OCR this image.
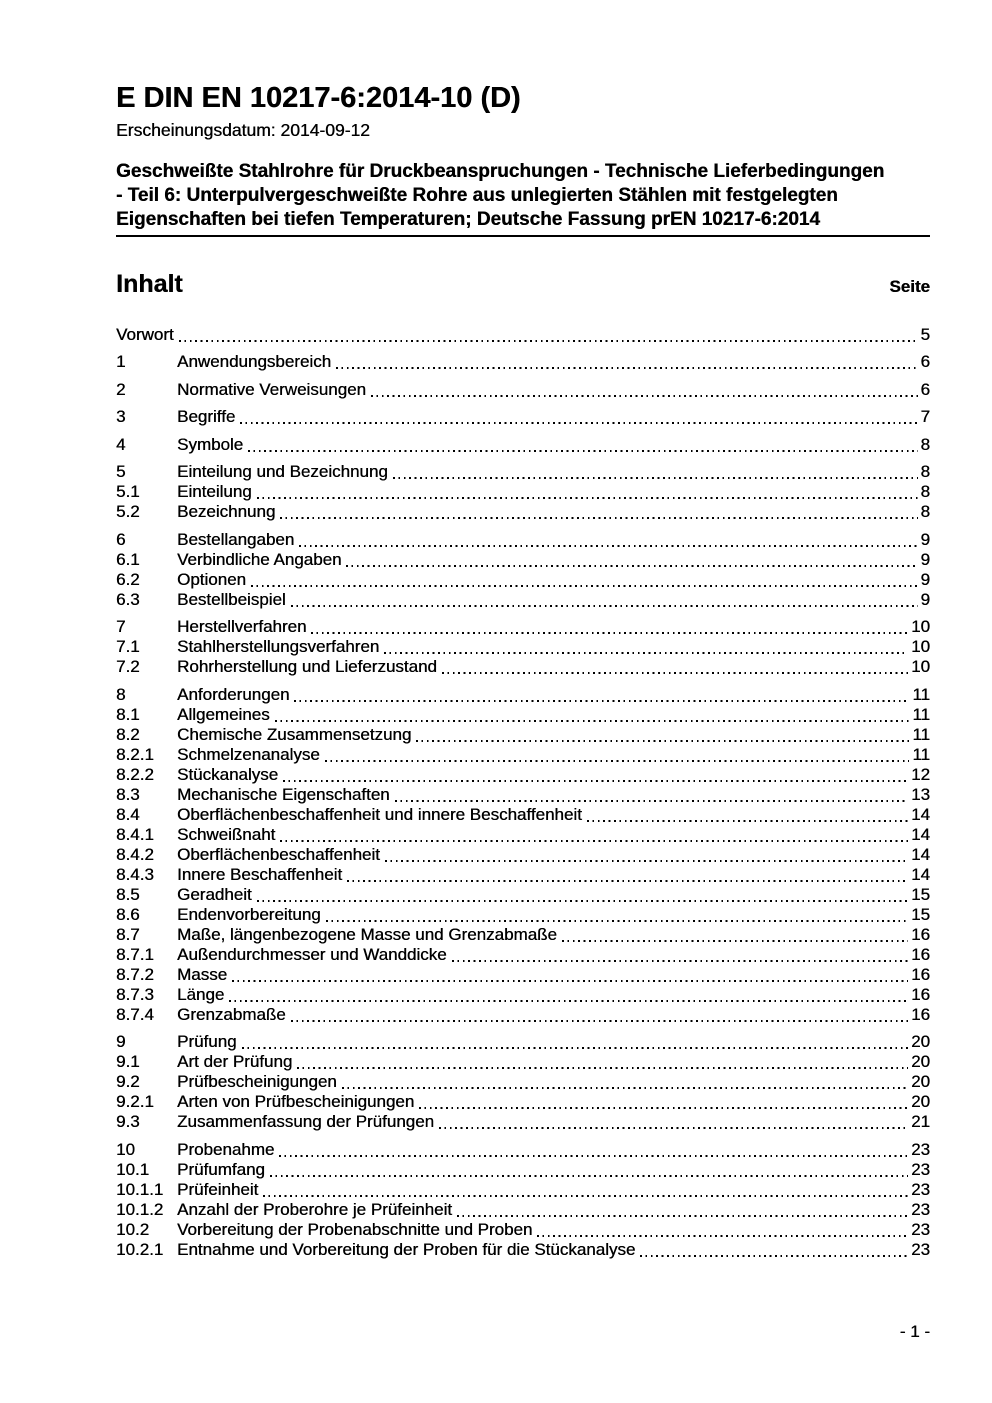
E DIN EN 10217-6:2014-10 (D)
Erscheinungsdatum: 2014-09-12
Geschweißte Stahlrohre für Druckbeanspruchungen - Technische Lieferbedingungen
- Teil 6: Unterpulvergeschweißte Rohre aus unlegierten Stählen mit festgelegten
Eigenschaften bei tiefen Temperaturen; Deutsche Fassung prEN 10217-6:2014
Inhalt	Seite
Vorwort	5
1	Anwendungsbereich	6
2	Normative Verweisungen	6
3	Begriffe	7
4	Symbole	8
5	Einteilung und Bezeichnung	8
5.1	Einteilung	8
5.2	Bezeichnung	8
6	Bestellangaben	9
6.1	Verbindliche Angaben	9
6.2	Optionen	9
6.3	Bestellbeispiel	9
7	Herstellverfahren	10
7.1	Stahlherstellungsverfahren	10
7.2	Rohrherstellung und Lieferzustand	10
8	Anforderungen	11
8.1	Allgemeines	11
8.2	Chemische Zusammensetzung	11
8.2.1	Schmelzenanalyse	11
8.2.2	Stückanalyse	12
8.3	Mechanische Eigenschaften	13
8.4	Oberflächenbeschaffenheit und innere Beschaffenheit	14
8.4.1	Schweißnaht	14
8.4.2	Oberflächenbeschaffenheit	14
8.4.3	Innere Beschaffenheit	14
8.5	Geradheit	15
8.6	Endenvorbereitung	15
8.7	Maße, längenbezogene Masse und Grenzabmaße	16
8.7.1	Außendurchmesser und Wanddicke	16
8.7.2	Masse	16
8.7.3	Länge	16
8.7.4	Grenzabmaße	16
9	Prüfung	20
9.1	Art der Prüfung	20
9.2	Prüfbescheinigungen	20
9.2.1	Arten von Prüfbescheinigungen	20
9.3	Zusammenfassung der Prüfungen	21
10	Probenahme	23
10.1	Prüfumfang	23
10.1.1 Prüfeinheit	23
10.1.2 Anzahl der Proberohre je Prüfeinheit	23
10.2	Vorbereitung der Probenabschnitte und Proben	23
10.2.1 Entnahme und Vorbereitung der Proben für die Stückanalyse	23
- 1 -
